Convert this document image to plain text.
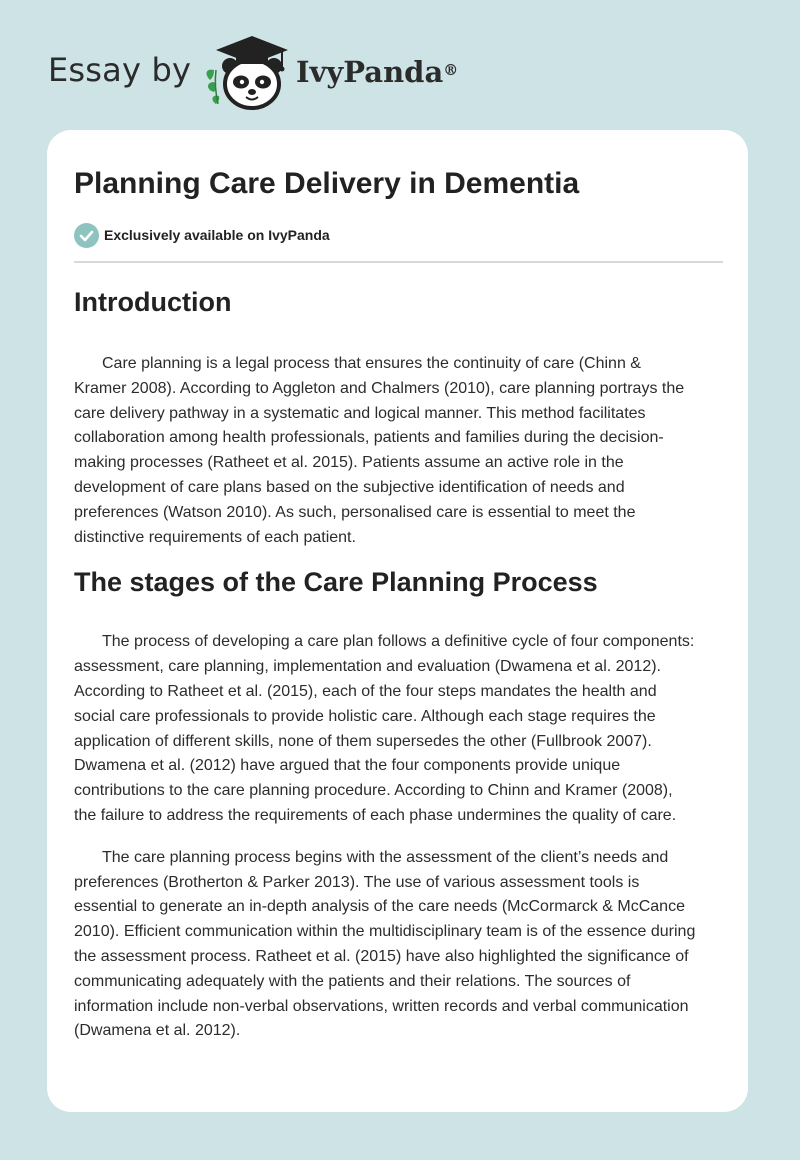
Essay by	IvyPanda®
Planning Care Delivery in Dementia
Exclusively available on IvyPanda
Introduction

Care planning is a legal process that ensures the continuity of care (Chinn &
Kramer 2008). According to Aggleton and Chalmers (2010), care planning portrays the
care delivery pathway in a systematic and logical manner. This method facilitates
collaboration among health professionals, patients and families during the decision-
making processes (Ratheet et al. 2015). Patients assume an active role in the
development of care plans based on the subjective identification of needs and
preferences (Watson 2010). As such, personalised care is essential to meet the
distinctive requirements of each patient.

The stages of the Care Planning Process

The process of developing a care plan follows a definitive cycle of four components:
assessment, care planning, implementation and evaluation (Dwamena et al. 2012).
According to Ratheet et al. (2015), each of the four steps mandates the health and
social care professionals to provide holistic care. Although each stage requires the
application of different skills, none of them supersedes the other (Fullbrook 2007).
Dwamena et al. (2012) have argued that the four components provide unique
contributions to the care planning procedure. According to Chinn and Kramer (2008),
the failure to address the requirements of each phase undermines the quality of care.

The care planning process begins with the assessment of the client’s needs and
preferences (Brotherton & Parker 2013). The use of various assessment tools is
essential to generate an in-depth analysis of the care needs (McCormarck & McCance
2010). Efficient communication within the multidisciplinary team is of the essence during
the assessment process. Ratheet et al. (2015) have also highlighted the significance of
communicating adequately with the patients and their relations. The sources of
information include non-verbal observations, written records and verbal communication
(Dwamena et al. 2012).
